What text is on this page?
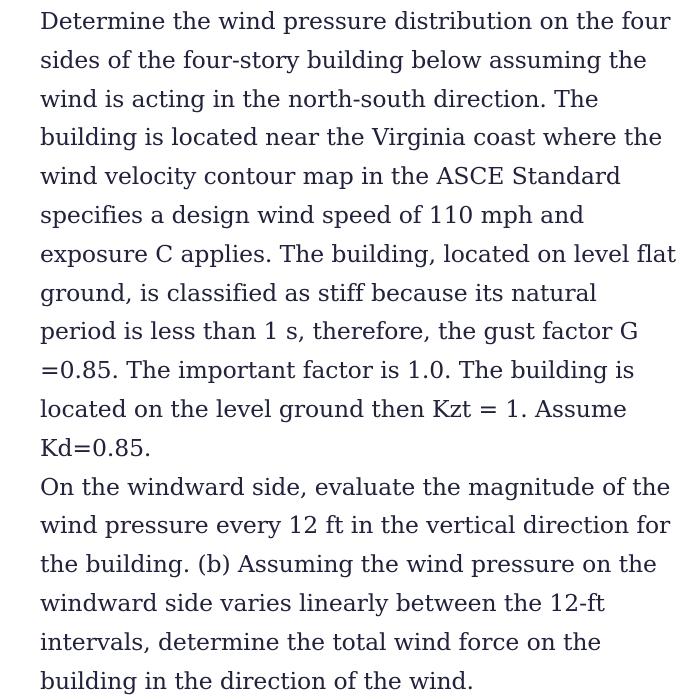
Determine the wind pressure distribution on the four
sides of the four-story building below assuming the
wind is acting in the north-south direction. The
building is located near the Virginia coast where the
wind velocity contour map in the ASCE Standard
specifies a design wind speed of 110 mph and
exposure C applies. The building, located on level flat
ground, is classified as stiff because its natural
period is less than 1 s, therefore, the gust factor G
=0.85. The important factor is 1.0. The building is
located on the level ground then Kzt = 1. Assume
Kd=0.85.
On the windward side, evaluate the magnitude of the
wind pressure every 12 ft in the vertical direction for
the building. (b) Assuming the wind pressure on the
windward side varies linearly between the 12-ft
intervals, determine the total wind force on the
building in the direction of the wind.
